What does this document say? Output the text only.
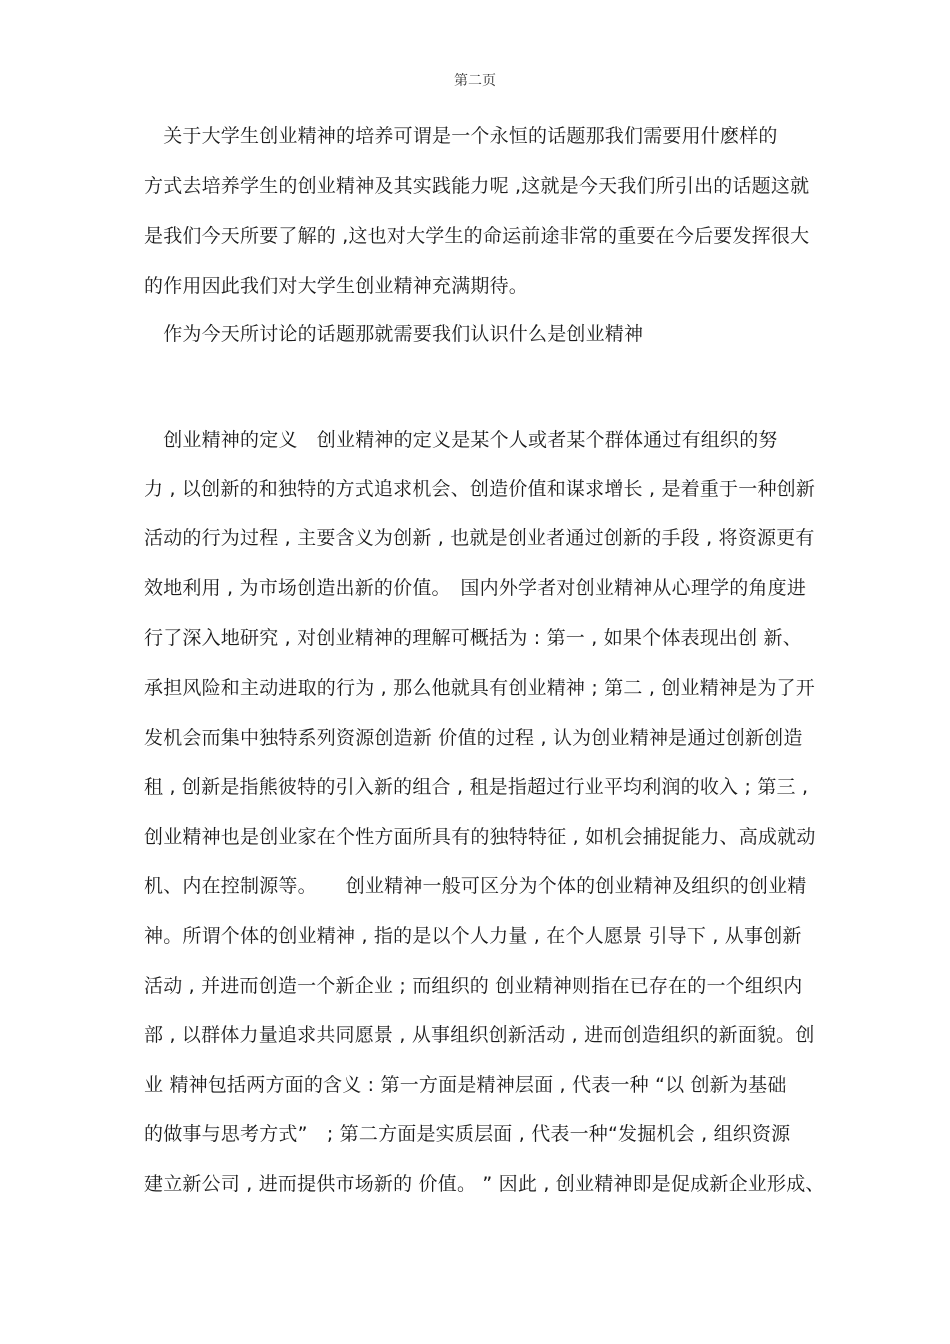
第二页
　关于大学生创业精神的培养可谓是一个永恒的话题那我们需要用什麽样的
方式去培养学生的创业精神及其实践能力呢 ,这就是今天我们所引出的话题这就
是我们今天所要了解的 ,这也对大学生的命运前途非常的重要在今后要发挥很大
的作用因此我们对大学生创业精神充满期待。
　作为今天所讨论的话题那就需要我们认识什么是创业精神
　创业精神的定义　创业精神的定义是某个人或者某个群体通过有组织的努
力 , 以创新的和独特的方式追求机会、创造价值和谋求增长 , 是着重于一种创新
活动的行为过程 , 主要含义为创新 , 也就是创业者通过创新的手段 , 将资源更有
效地利用 , 为市场创造出新的价值。　国内外学者对创业精神从心理学的角度进
行了深入地研究 , 对创业精神的理解可概括为 : 第一 , 如果个体表现出创 新、
承担风险和主动进取的行为 , 那么他就具有创业精神 ; 第二 , 创业精神是为了开
发机会而集中独特系列资源创造新 价值的过程 , 认为创业精神是通过创新创造
租 , 创新是指熊彼特的引入新的组合 , 租是指超过行业平均利润的收入 ; 第三 ,
创业精神也是创业家在个性方面所具有的独特特征 , 如机会捕捉能力、高成就动
机、内在控制源等。　　创业精神一般可区分为个体的创业精神及组织的创业精
神。所谓个体的创业精神 , 指的是以个人力量 , 在个人愿景 引导下 , 从事创新
活动 , 并进而创造一个新企业 ; 而组织的 创业精神则指在已存在的一个组织内
部 , 以群体力量追求共同愿景 , 从事组织创新活动 , 进而创造组织的新面貌。创
业 精神包括两方面的含义 : 第一方面是精神层面 , 代表一种 “以 创新为基础
的做事与思考方式”　; 第二方面是实质层面 , 代表一种“发掘机会 , 组织资源
建立新公司 , 进而提供市场新的 价值。 ” 因此 , 创业精神即是促成新企业形成、
